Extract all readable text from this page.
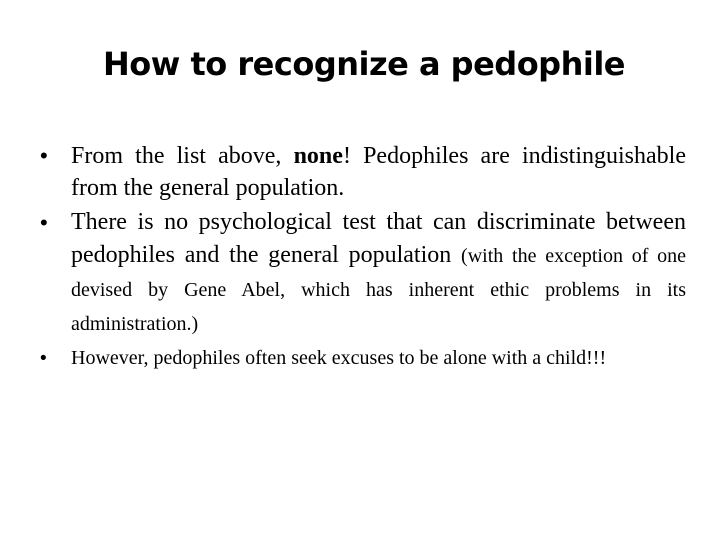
How to recognize a pedophile
• From the list above, none! Pedophiles are indistinguishable from the general population.
• There is no psychological test that can discriminate between pedophiles and the general population (with the exception of one devised by Gene Abel, which has inherent ethic problems in its administration.)
• However, pedophiles often seek excuses to be alone with a child!!!
